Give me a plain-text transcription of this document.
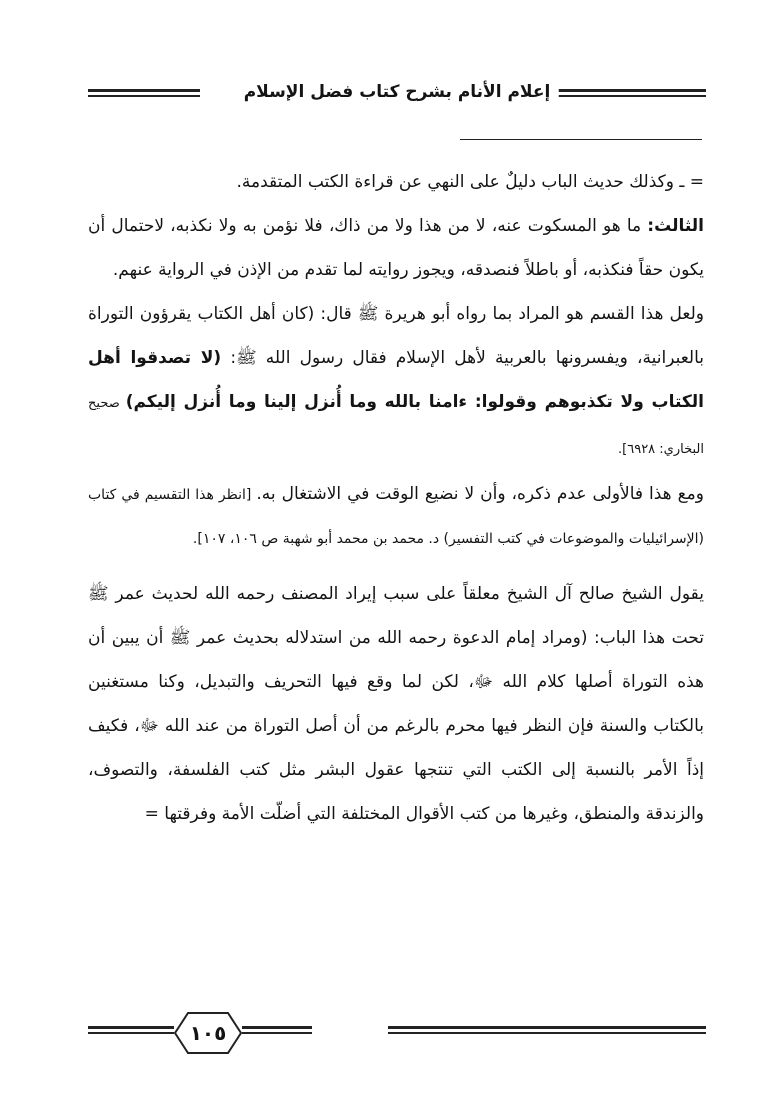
إعلام الأنام بشرح كتاب فضل الإسلام

= ـ وكذلك حديث الباب دليلٌ على النهي عن قراءة الكتب المتقدمة.

الثالث: ما هو المسكوت عنه، لا من هذا ولا من ذاك، فلا نؤمن به ولا نكذبه، لاحتمال أن يكون حقاً فنكذبه، أو باطلاً فنصدقه، ويجوز روايته لما تقدم من الإذن في الرواية عنهم.

ولعل هذا القسم هو المراد بما رواه أبو هريرة ﷺ قال: (كان أهل الكتاب يقرؤون التوراة بالعبرانية، ويفسرونها بالعربية لأهل الإسلام فقال رسول الله ﷺ: (لا تصدقوا أهل الكتاب ولا تكذبوهم وقولوا: ءامنا بالله وما أُنزل إلينا وما أُنزل إليكم) صحيح البخاري: ٦٩٢٨].

ومع هذا فالأولى عدم ذكره، وأن لا نضيع الوقت في الاشتغال به. [انظر هذا التقسيم في كتاب (الإسرائيليات والموضوعات في كتب التفسير) د. محمد بن محمد أبو شهبة ص ١٠٦، ١٠٧].

يقول الشيخ صالح آل الشيخ معلقاً على سبب إيراد المصنف رحمه الله لحديث عمر ﷺ تحت هذا الباب: (ومراد إمام الدعوة رحمه الله من استدلاله بحديث عمر ﷺ أن يبين أن هذه التوراة أصلها كلام الله ﷻ، لكن لما وقع فيها التحريف والتبديل، وكنا مستغنين بالكتاب والسنة فإن النظر فيها محرم بالرغم من أن أصل التوراة من عند الله ﷻ، فكيف إذاً الأمر بالنسبة إلى الكتب التي تنتجها عقول البشر مثل كتب الفلسفة، والتصوف، والزندقة والمنطق، وغيرها من كتب الأقوال المختلفة التي أضلّت الأمة وفرقتها =

١٠٥
